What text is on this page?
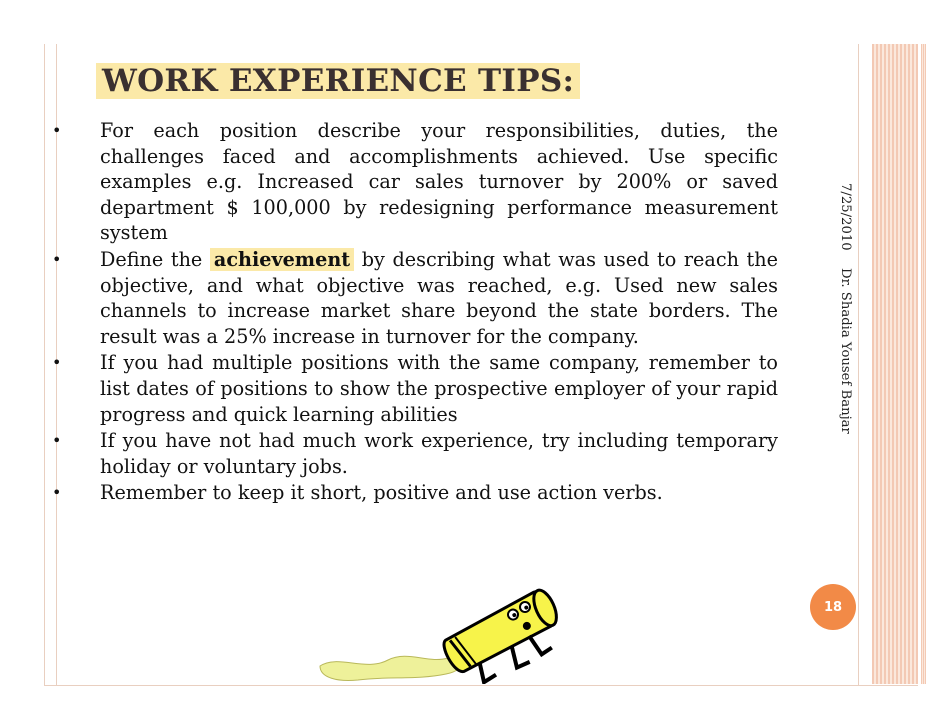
WORK EXPERIENCE TIPS:
•	For each position describe your responsibilities, duties, the challenges faced and accomplishments achieved. Use specific examples e.g. Increased car sales turnover by 200% or saved department $ 100,000 by redesigning performance measurement system
•	Define the achievement by describing what was used to reach the objective, and what objective was reached, e.g. Used new sales channels to increase market share beyond the state borders. The result was a 25% increase in turnover for the company.
•	If you had multiple positions with the same company, remember to list dates of positions to show the prospective employer of your rapid progress and quick learning abilities
•	If you have not had much work experience, try including temporary holiday or voluntary jobs.
•	Remember to keep it short, positive and use action verbs.
7/25/2010
Dr. Shadia Yousef Banjar
18
